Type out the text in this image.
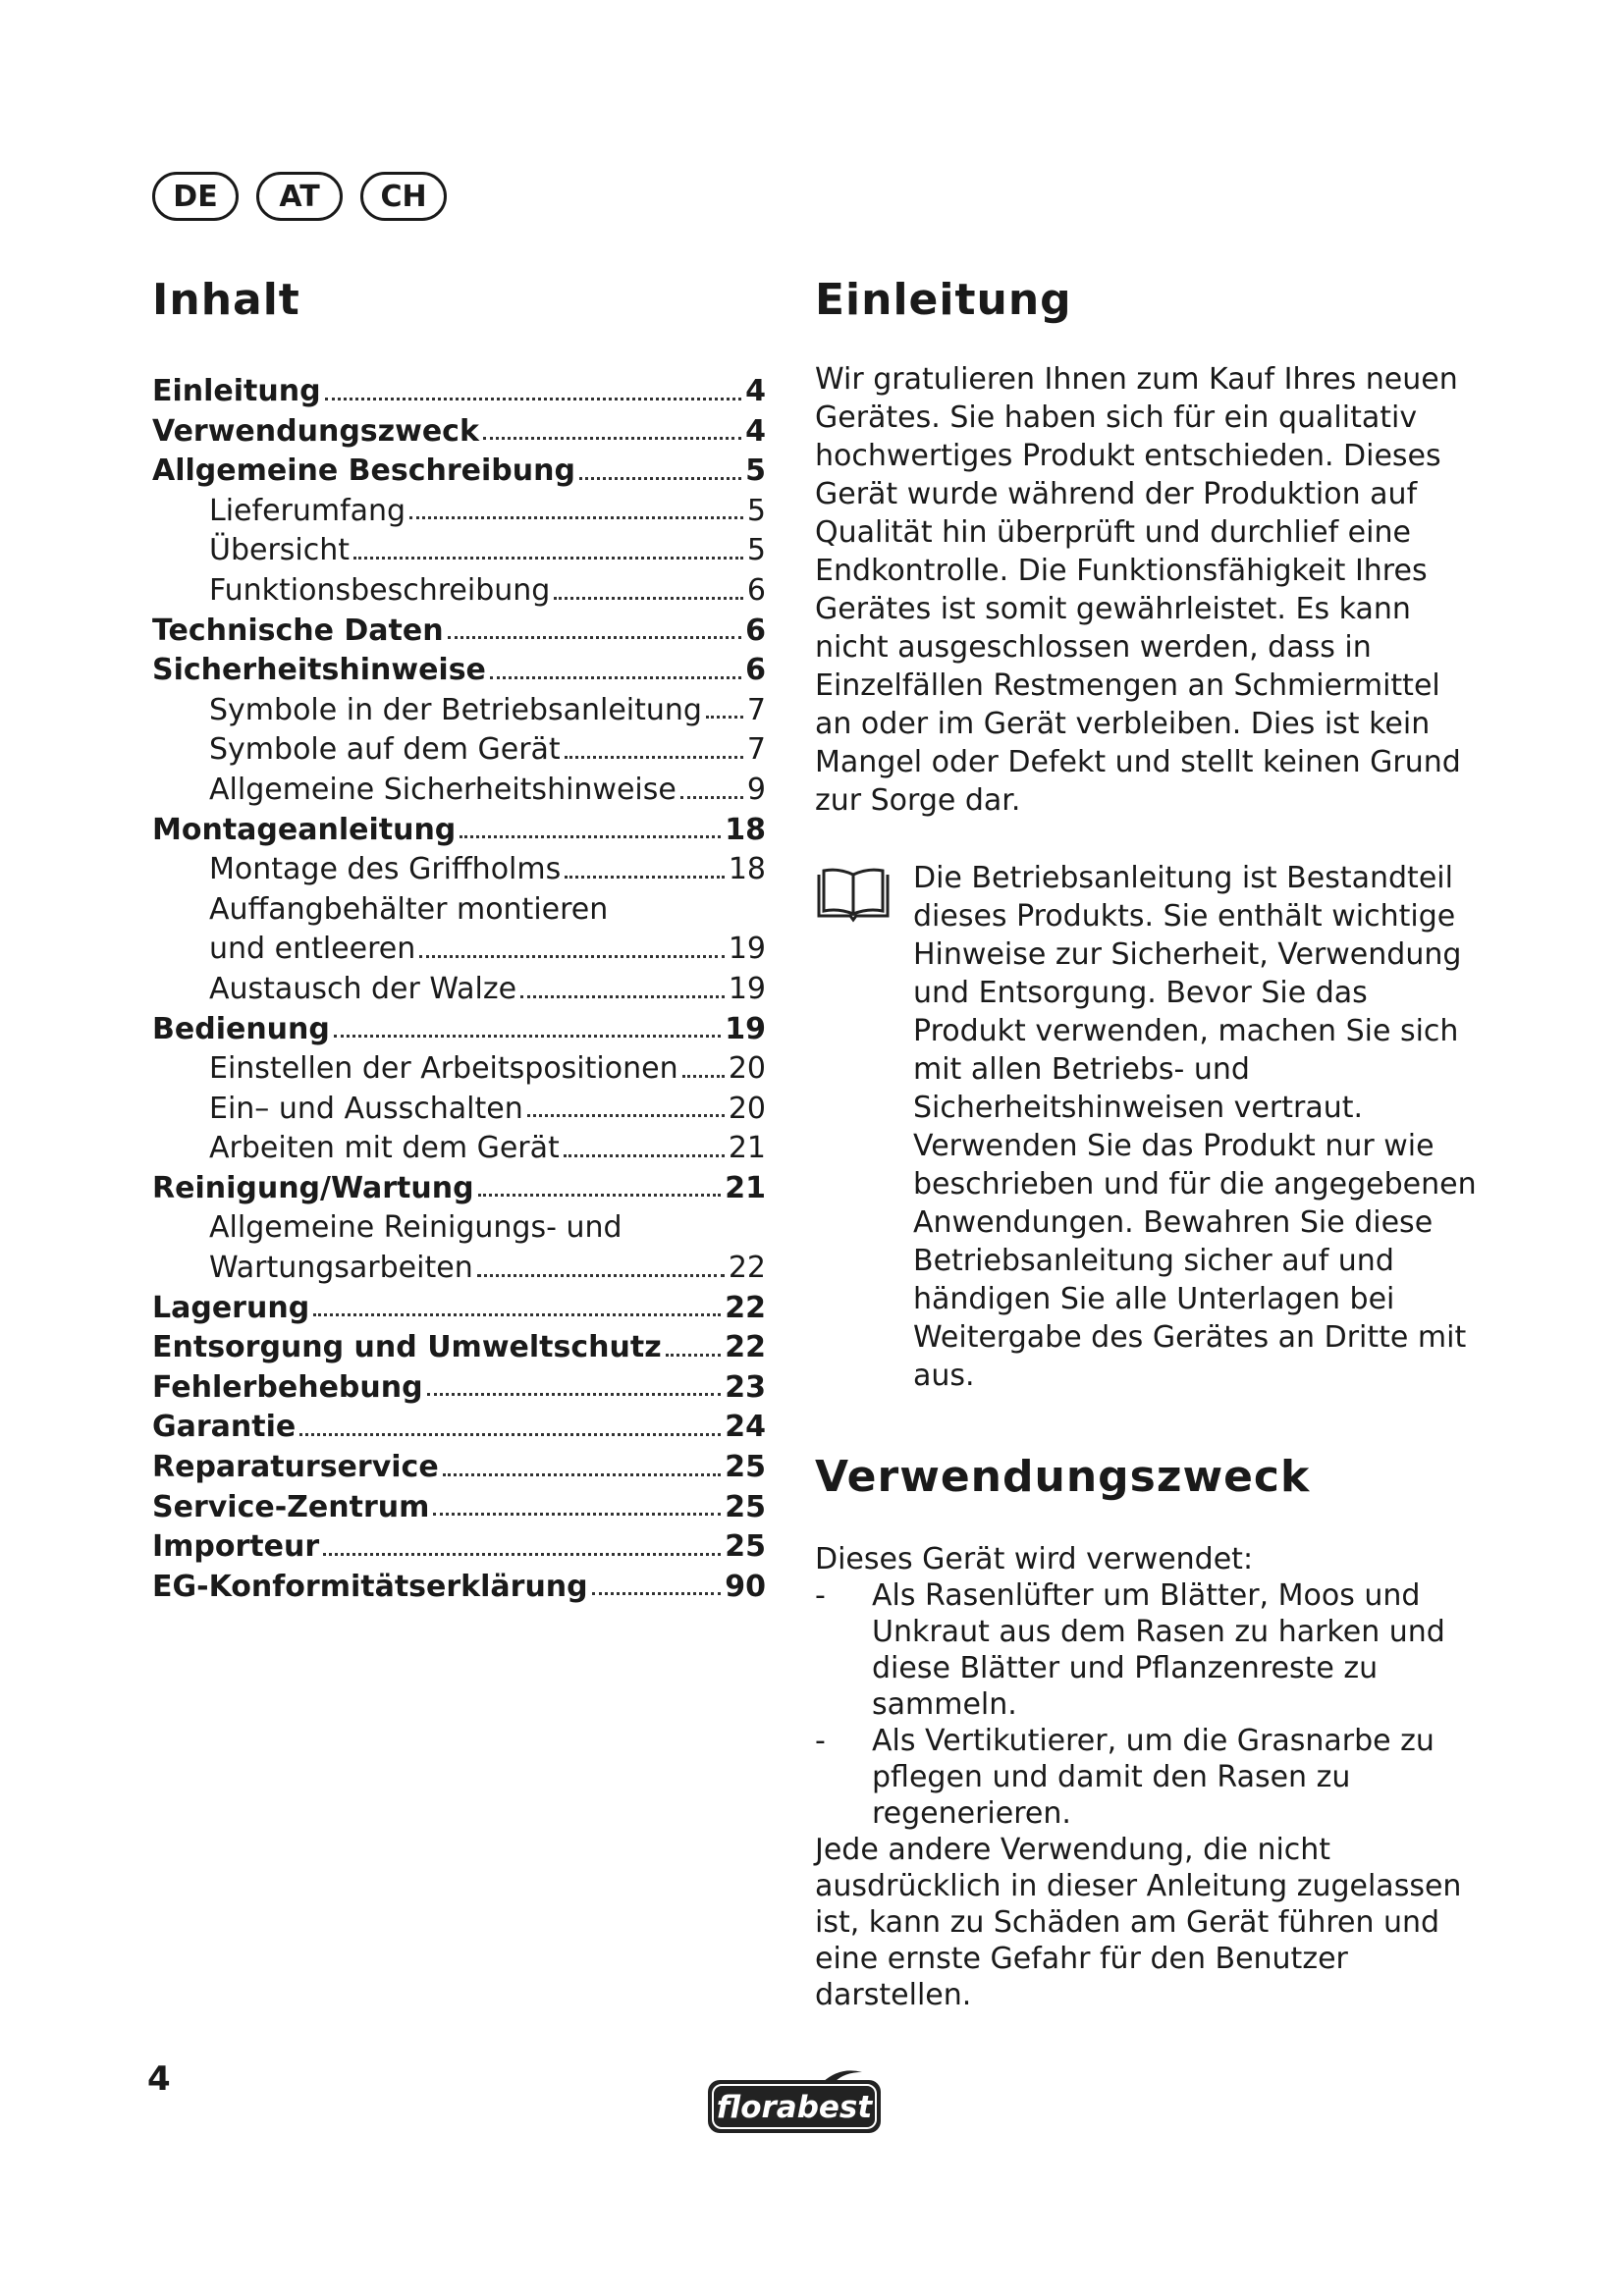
DE	AT	CH
Inhalt
Einleitung	4
Verwendungszweck	4
Allgemeine Beschreibung	5
Lieferumfang	5
Übersicht	5
Funktionsbeschreibung	6
Technische Daten	6
Sicherheitshinweise	6
Symbole in der Betriebsanleitung 7
Symbole auf dem Gerät	7
Allgemeine Sicherheitshinweise 9
Montageanleitung	18
Montage des Griffholms	18
Auffangbehälter montieren
und entleeren	19
Austausch der Walze	19
Bedienung	19
Einstellen der Arbeitspositionen 20
Ein– und Ausschalten	20
Arbeiten mit dem Gerät	21
Reinigung/Wartung	21
Allgemeine Reinigungs- und
Wartungsarbeiten	22
Lagerung	22
Entsorgung und Umweltschutz 22
Fehlerbehebung	23
Garantie	24
Reparaturservice	25
Service-Zentrum	25
Importeur	25
EG-Konformitätserklärung	90
Einleitung

Wir gratulieren Ihnen zum Kauf Ihres neuen Gerätes. Sie haben sich für ein qualitativ hochwertiges Produkt entschieden. Dieses Gerät wurde während der Produktion auf Qualität hin überprüft und durchlief eine Endkontrolle. Die Funktionsfähigkeit Ihres Gerätes ist somit gewährleistet. Es kann nicht ausgeschlossen werden, dass in Einzelfällen Restmengen an Schmiermittel an oder im Gerät verbleiben. Dies ist kein Mangel oder Defekt und stellt keinen Grund zur Sorge dar.

Die Betriebsanleitung ist Bestandteil dieses Produkts. Sie enthält wichtige Hinweise zur Sicherheit, Verwendung und Entsorgung. Bevor Sie das Produkt verwenden, machen Sie sich mit allen Betriebs- und Sicherheitshinweisen vertraut. Verwenden Sie das Produkt nur wie beschrieben und für die angegebenen Anwendungen. Bewahren Sie diese Betriebsanleitung sicher auf und händigen Sie alle Unterlagen bei Weitergabe des Gerätes an Dritte mit aus.

Verwendungszweck

Dieses Gerät wird verwendet:

-	Als Rasenlüfter um Blätter, Moos und Unkraut aus dem Rasen zu harken und diese Blätter und Pflanzenreste zu sammeln.
-	Als Vertikutierer, um die Grasnarbe zu pflegen und damit den Rasen zu regenerieren.

Jede andere Verwendung, die nicht ausdrücklich in dieser Anleitung zugelassen ist, kann zu Schäden am Gerät führen und eine ernste Gefahr für den Benutzer darstellen.

4
florabest
